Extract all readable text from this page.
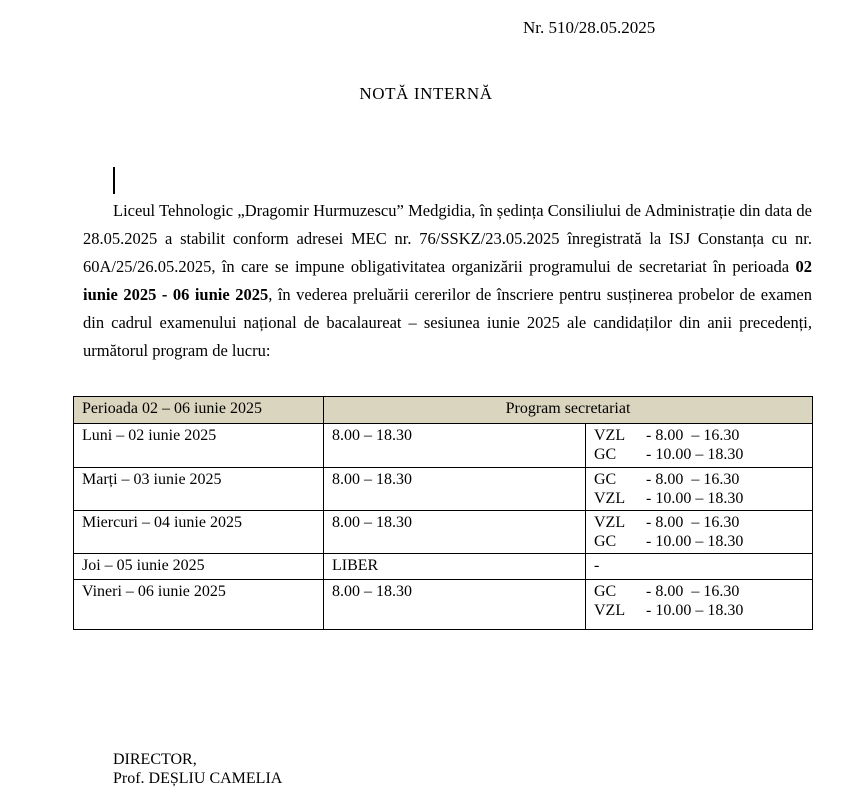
Nr. 510/28.05.2025
NOTĂ INTERNĂ

Liceul Tehnologic „Dragomir Hurmuzescu” Medgidia, în ședința Consiliului de Administrație din data de 28.05.2025 a stabilit conform adresei MEC nr. 76/SSKZ/23.05.2025 înregistrată la ISJ Constanța cu nr. 60A/25/26.05.2025, în care se impune obligativitatea organizării programului de secretariat în perioada 02 iunie 2025 - 06 iunie 2025, în vederea preluării cererilor de înscriere pentru susținerea probelor de examen din cadrul examenului național de bacalaureat – sesiunea iunie 2025 ale candidaților din anii precedenți, următorul program de lucru:

Perioada 02 – 06 iunie 2025	Program secretariat	
Luni – 02 iunie 2025	8.00 – 18.30	VZL - 8.00  – 16.30
GC - 10.00 – 18.30

Marți – 03 iunie 2025	8.00 – 18.30	GC - 8.00  – 16.30
VZL - 10.00 – 18.30

Miercuri – 04 iunie 2025	8.00 – 18.30	VZL - 8.00  – 16.30
GC - 10.00 – 18.30

Joi – 05 iunie 2025	LIBER	-
Vineri – 06 iunie 2025	8.00 – 18.30	GC - 8.00  – 16.30
VZL - 10.00 – 18.30
DIRECTOR,
Prof. DEȘLIU CAMELIA
